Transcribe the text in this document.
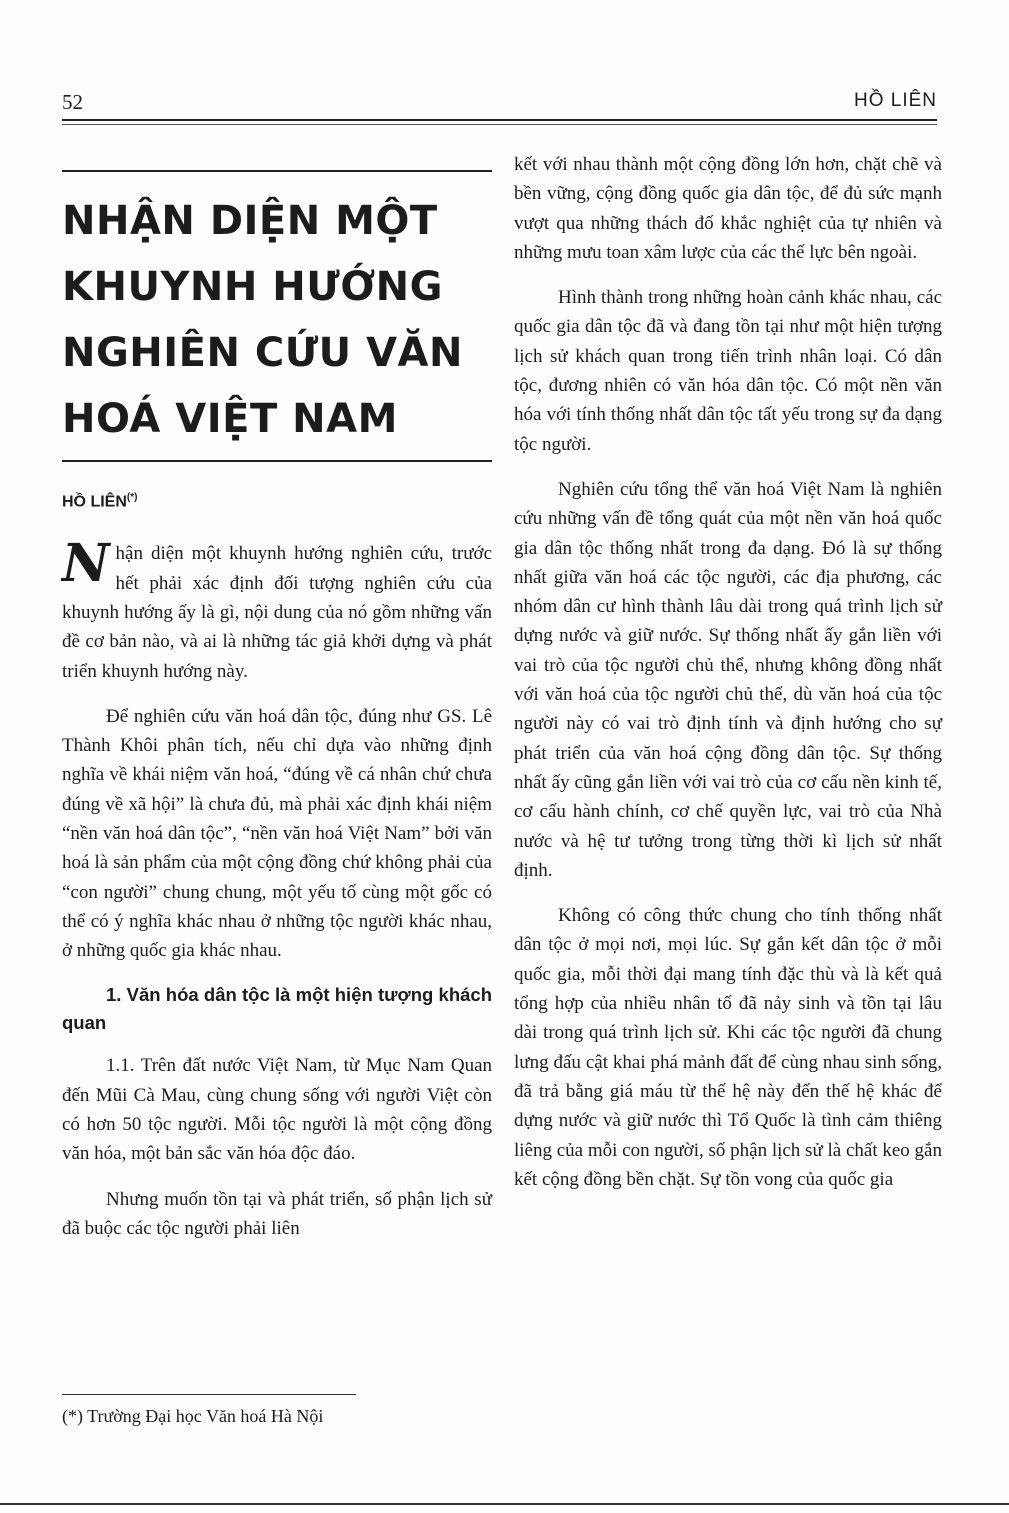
52	HỒ LIÊN
NHẬN DIỆN MỘT
KHUYNH HƯỚNG
NGHIÊN CỨU VĂN
HOÁ VIỆT NAM
HỒ LIÊN(*)

Nhận diện một khuynh hướng nghiên cứu, trước hết phải xác định đối tượng nghiên cứu của khuynh hướng ấy là gì, nội dung của nó gồm những vấn đề cơ bản nào, và ai là những tác giả khởi dựng và phát triển khuynh hướng này.

Để nghiên cứu văn hoá dân tộc, đúng như GS. Lê Thành Khôi phân tích, nếu chỉ dựa vào những định nghĩa về khái niệm văn hoá, “đúng về cá nhân chứ chưa đúng về xã hội” là chưa đủ, mà phải xác định khái niệm “nền văn hoá dân tộc”, “nền văn hoá Việt Nam” bởi văn hoá là sản phẩm của một cộng đồng chứ không phải của “con người” chung chung, một yếu tố cùng một gốc có thể có ý nghĩa khác nhau ở những tộc người khác nhau, ở những quốc gia khác nhau.

1. Văn hóa dân tộc là một hiện tượng khách quan

1.1. Trên đất nước Việt Nam, từ Mục Nam Quan đến Mũi Cà Mau, cùng chung sống với người Việt còn có hơn 50 tộc người. Mỗi tộc người là một cộng đồng văn hóa, một bản sắc văn hóa độc đáo.

Nhưng muốn tồn tại và phát triển, số phận lịch sử đã buộc các tộc người phải liên

(*) Trường Đại học Văn hoá Hà Nội

kết với nhau thành một cộng đồng lớn hơn, chặt chẽ và bền vững, cộng đồng quốc gia dân tộc, để đủ sức mạnh vượt qua những thách đố khắc nghiệt của tự nhiên và những mưu toan xâm lược của các thế lực bên ngoài.

Hình thành trong những hoàn cảnh khác nhau, các quốc gia dân tộc đã và đang tồn tại như một hiện tượng lịch sử khách quan trong tiến trình nhân loại. Có dân tộc, đương nhiên có văn hóa dân tộc. Có một nền văn hóa với tính thống nhất dân tộc tất yếu trong sự đa dạng tộc người.

Nghiên cứu tổng thể văn hoá Việt Nam là nghiên cứu những vấn đề tổng quát của một nền văn hoá quốc gia dân tộc thống nhất trong đa dạng. Đó là sự thống nhất giữa văn hoá các tộc người, các địa phương, các nhóm dân cư hình thành lâu dài trong quá trình lịch sử dựng nước và giữ nước. Sự thống nhất ấy gắn liền với vai trò của tộc người chủ thể, nhưng không đồng nhất với văn hoá của tộc người chủ thể, dù văn hoá của tộc người này có vai trò định tính và định hướng cho sự phát triển của văn hoá cộng đồng dân tộc. Sự thống nhất ấy cũng gắn liền với vai trò của cơ cấu nền kinh tế, cơ cấu hành chính, cơ chế quyền lực, vai trò của Nhà nước và hệ tư tưởng trong từng thời kì lịch sử nhất định.

Không có công thức chung cho tính thống nhất dân tộc ở mọi nơi, mọi lúc. Sự gắn kết dân tộc ở mỗi quốc gia, mỗi thời đại mang tính đặc thù và là kết quả tổng hợp của nhiều nhân tố đã nảy sinh và tồn tại lâu dài trong quá trình lịch sử. Khi các tộc người đã chung lưng đấu cật khai phá mảnh đất để cùng nhau sinh sống, đã trả bằng giá máu từ thế hệ này đến thế hệ khác để dựng nước và giữ nước thì Tổ Quốc là tình cảm thiêng liêng của mỗi con người, số phận lịch sử là chất keo gắn kết cộng đồng bền chặt. Sự tồn vong của quốc gia
